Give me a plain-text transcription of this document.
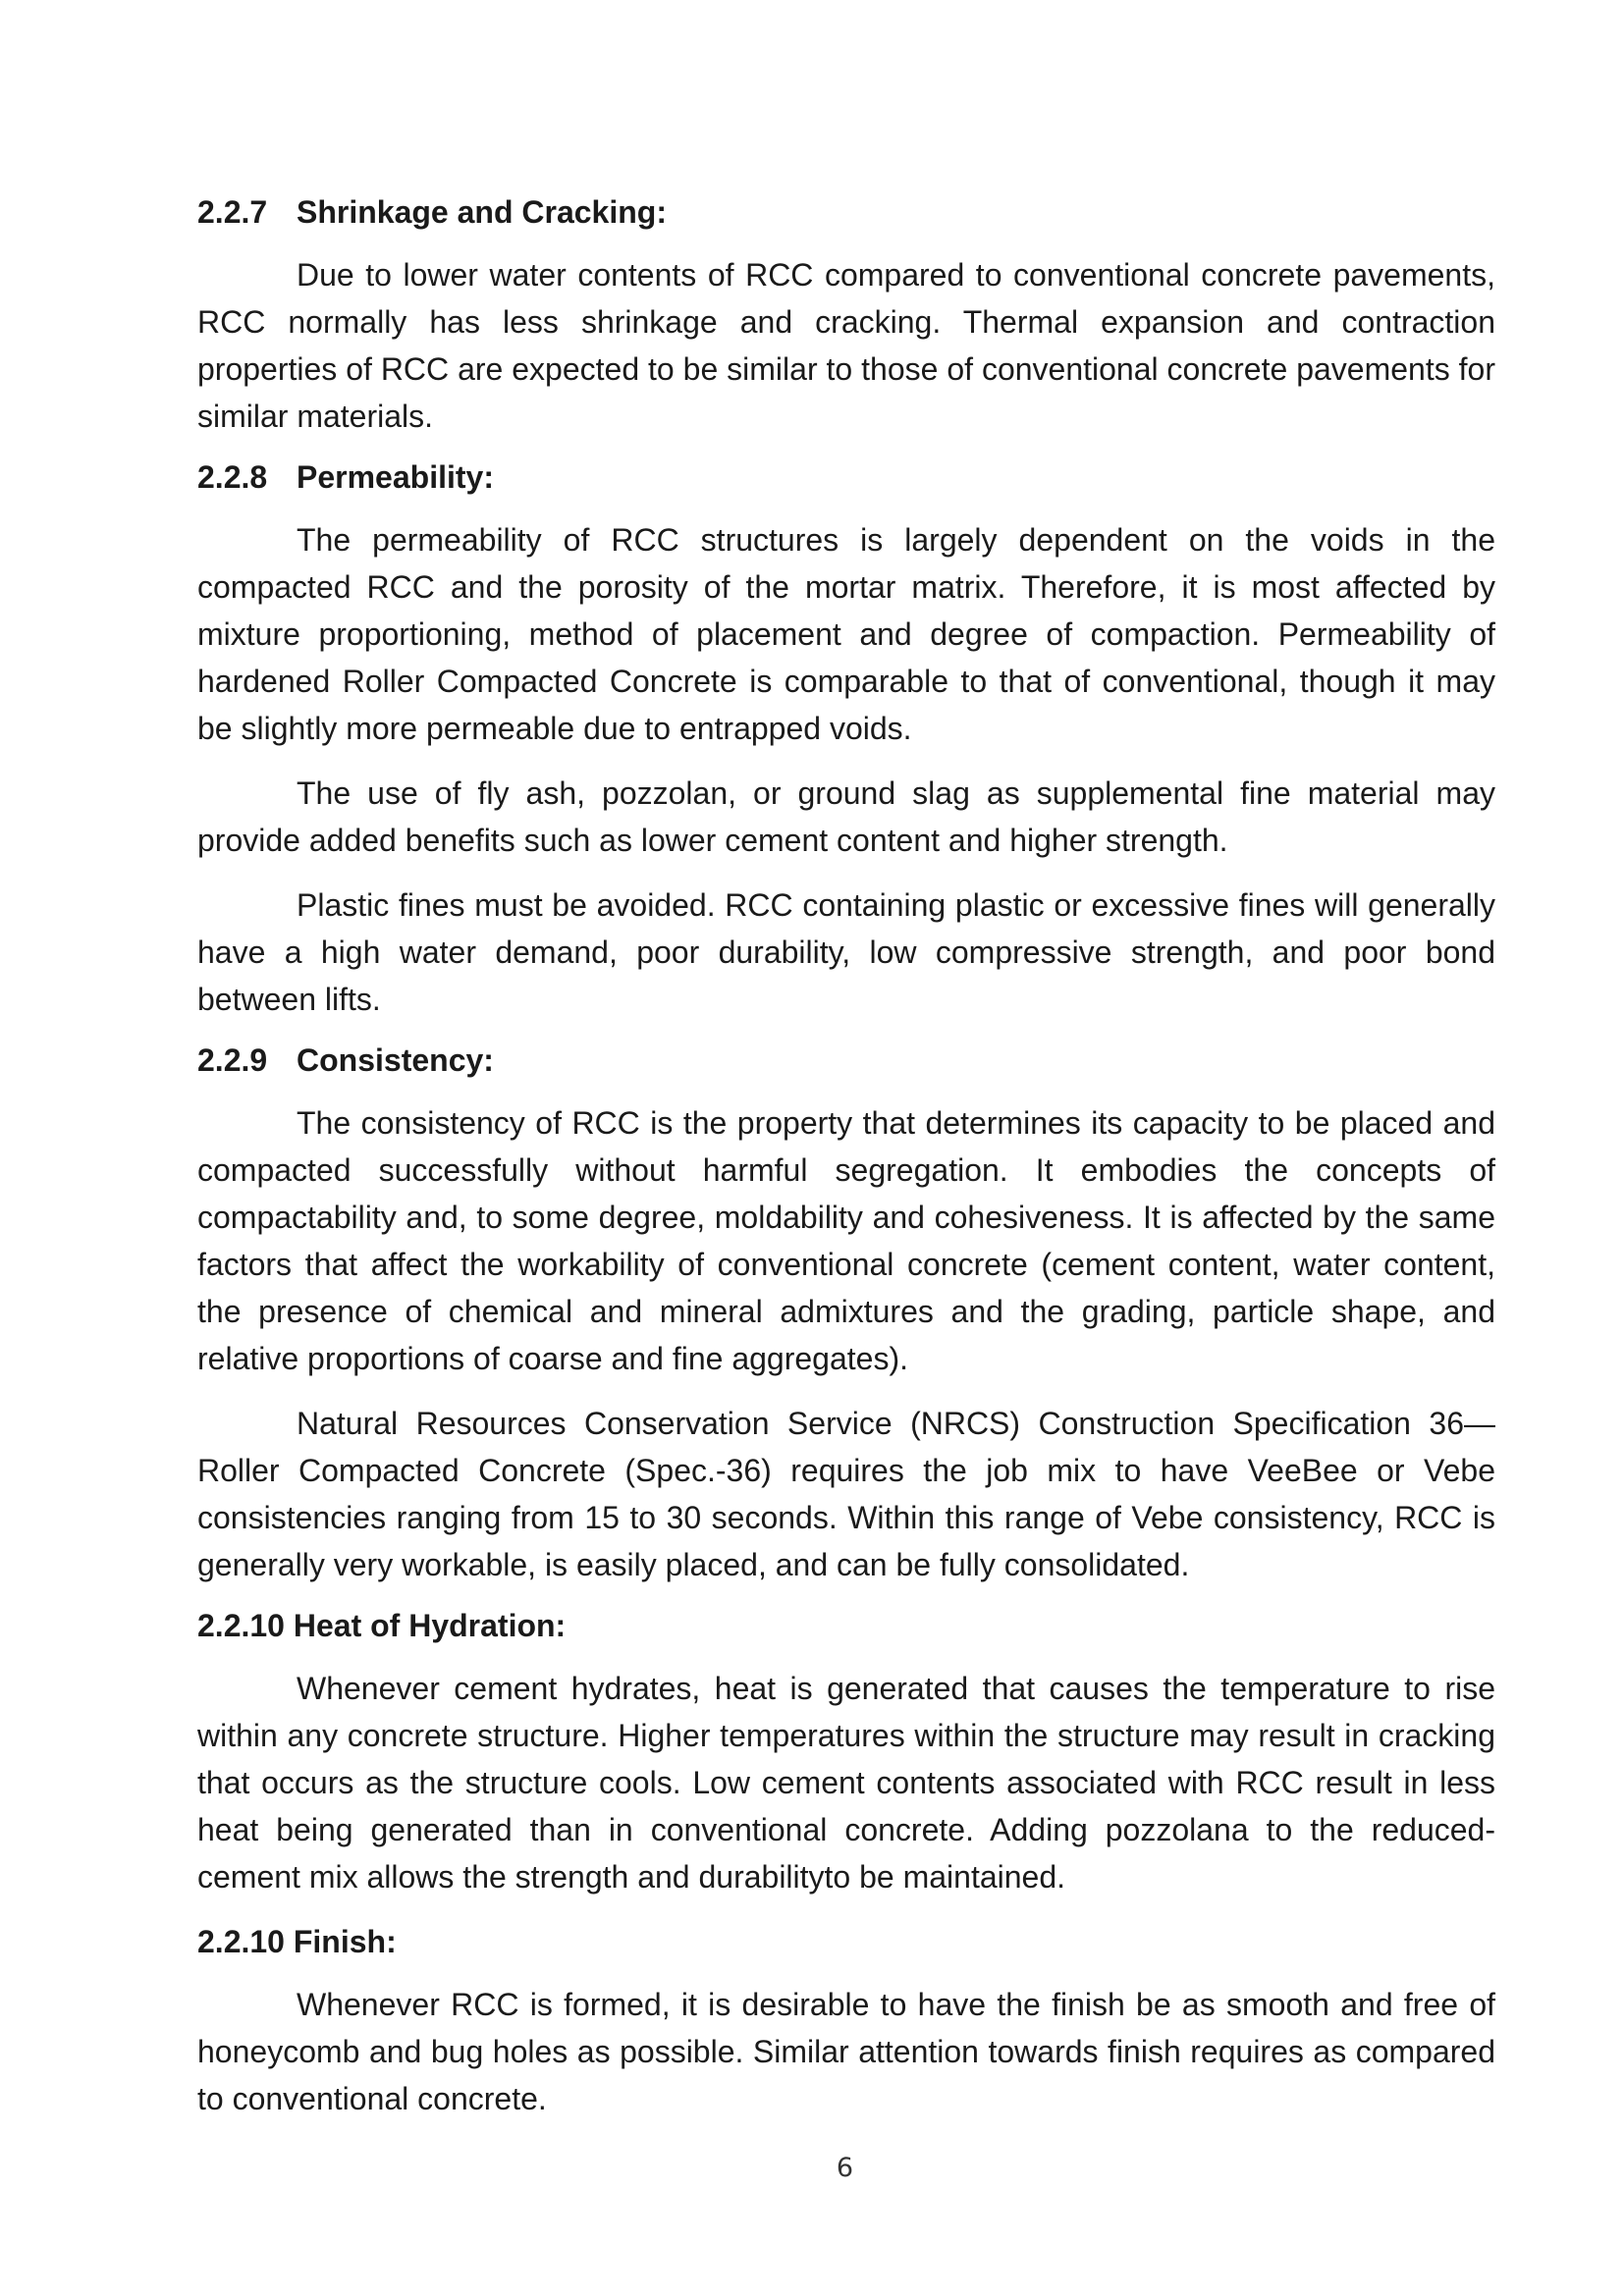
2.2.7 Shrinkage and Cracking:

Due to lower water contents of RCC compared to conventional concrete pavements, RCC normally has less shrinkage and cracking. Thermal expansion and contraction properties of RCC are expected to be similar to those of conventional concrete pavements for similar materials.

2.2.8 Permeability:

The permeability of RCC structures is largely dependent on the voids in the compacted RCC and the porosity of the mortar matrix. Therefore, it is most affected by mixture proportioning, method of placement and degree of compaction. Permeability of hardened Roller Compacted Concrete is comparable to that of conventional, though it may be slightly more permeable due to entrapped voids.

The use of fly ash, pozzolan, or ground slag as supplemental fine material may provide added benefits such as lower cement content and higher strength.

Plastic fines must be avoided. RCC containing plastic or excessive fines will generally have a high water demand, poor durability, low compressive strength, and poor bond between lifts.

2.2.9 Consistency:

The consistency of RCC is the property that determines its capacity to be placed and compacted successfully without harmful segregation. It embodies the concepts of compactability and, to some degree, moldability and cohesiveness. It is affected by the same factors that affect the workability of conventional concrete (cement content, water content, the presence of chemical and mineral admixtures and the grading, particle shape, and relative proportions of coarse and fine aggregates).

Natural Resources Conservation Service (NRCS) Construction Specification 36—Roller Compacted Concrete (Spec.-36) requires the job mix to have VeeBee or Vebe consistencies ranging from 15 to 30 seconds. Within this range of Vebe consistency, RCC is generally very workable, is easily placed, and can be fully consolidated.

2.2.10 Heat of Hydration:

Whenever cement hydrates, heat is generated that causes the temperature to rise within any concrete structure. Higher temperatures within the structure may result in cracking that occurs as the structure cools. Low cement contents associated with RCC result in less heat being generated than in conventional concrete. Adding pozzolana to the reduced-cement mix allows the strength and durabilityto be maintained.

2.2.10 Finish:

Whenever RCC is formed, it is desirable to have the finish be as smooth and free of honeycomb and bug holes as possible. Similar attention towards finish requires as compared to conventional concrete.

6
